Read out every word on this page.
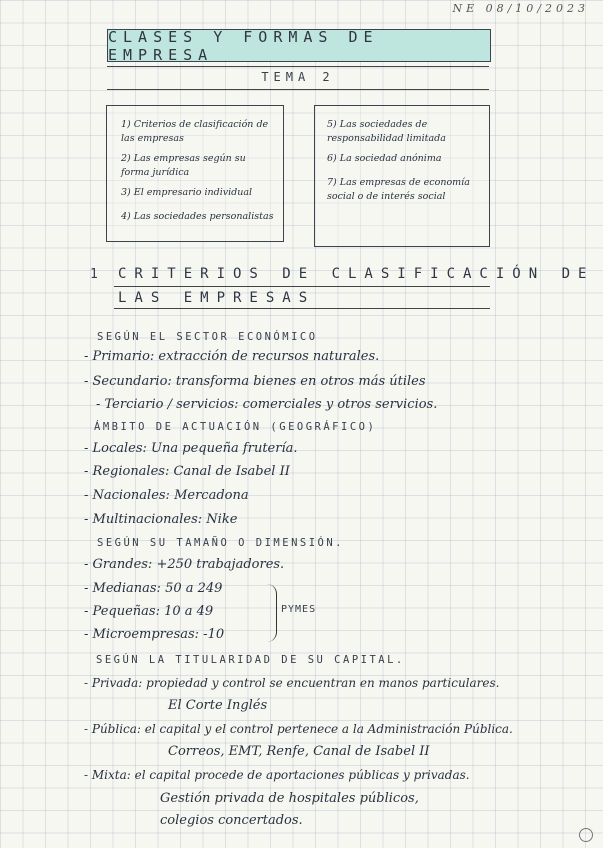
NE 08/10/2023
CLASES Y FORMAS DE EMPRESA
TEMA 2
1) Criterios de clasificación de las empresas
2) Las empresas según su forma jurídica
3) El empresario individual
4) Las sociedades personalistas
5) Las sociedades de responsabilidad limitada
6) La sociedad anónima
7) Las empresas de economía social o de interés social
1 CRITERIOS DE CLASIFICACIÓN DE
LAS EMPRESAS
SEGÚN EL SECTOR ECONÓMICO
- Primario: extracción de recursos naturales.
- Secundario: transforma bienes en otros más útiles
- Terciario / servicios: comerciales y otros servicios.
ÁMBITO DE ACTUACIÓN (GEOGRÁFICO)
- Locales: Una pequeña frutería.
- Regionales: Canal de Isabel II
- Nacionales: Mercadona
- Multinacionales: Nike
SEGÚN SU TAMAÑO O DIMENSIÓN.
- Grandes: +250 trabajadores.
- Medianas: 50 a 249
- Pequeñas: 10 a 49
- Microempresas: -10
PYMES
SEGÚN LA TITULARIDAD DE SU CAPITAL.
- Privada: propiedad y control se encuentran en manos particulares.
El Corte Inglés
- Pública: el capital y el control pertenece a la Administración Pública.
Correos, EMT, Renfe, Canal de Isabel II
- Mixta: el capital procede de aportaciones públicas y privadas.
Gestión privada de hospitales públicos,
colegios concertados.
